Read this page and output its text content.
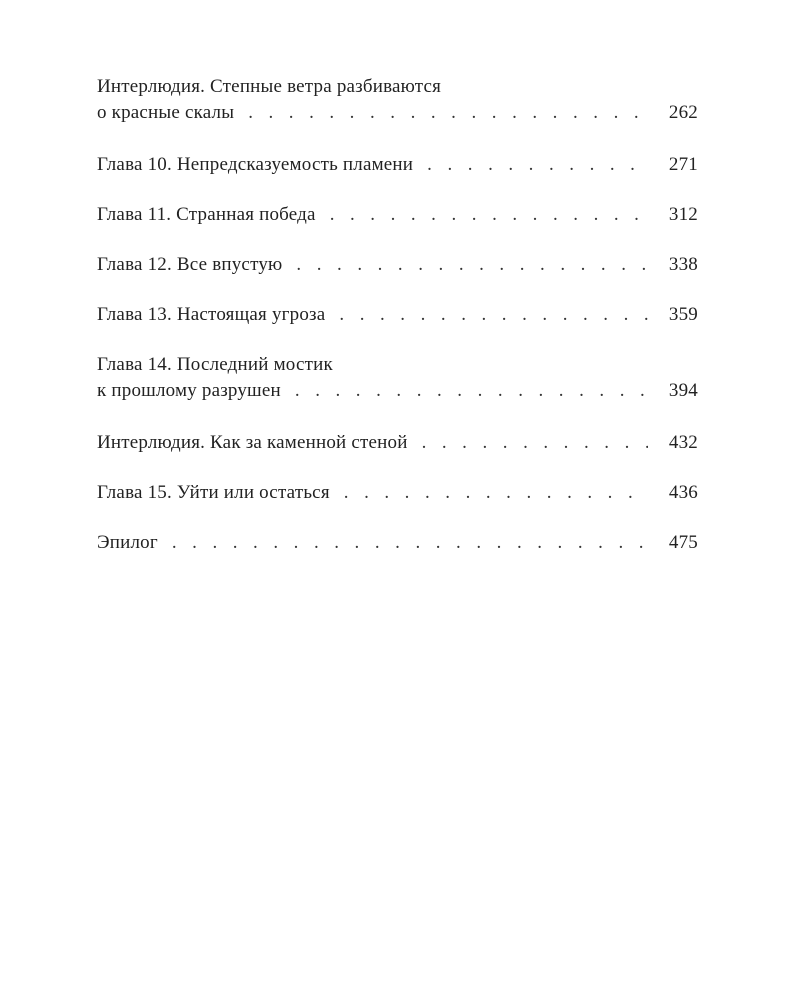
Интерлюдия. Степные ветра разбиваются
о красные скалы . . .	262
Глава 10. Непредсказуемость пламени . . .	271
Глава 11. Странная победа . . .	312
Глава 12. Все впустую . . .	338
Глава 13. Настоящая угроза . . .	359
Глава 14. Последний мостик
к прошлому разрушен . . .	394
Интерлюдия. Как за каменной стеной . . .	432
Глава 15. Уйти или остаться . . .	436
Эпилог . . .	475
